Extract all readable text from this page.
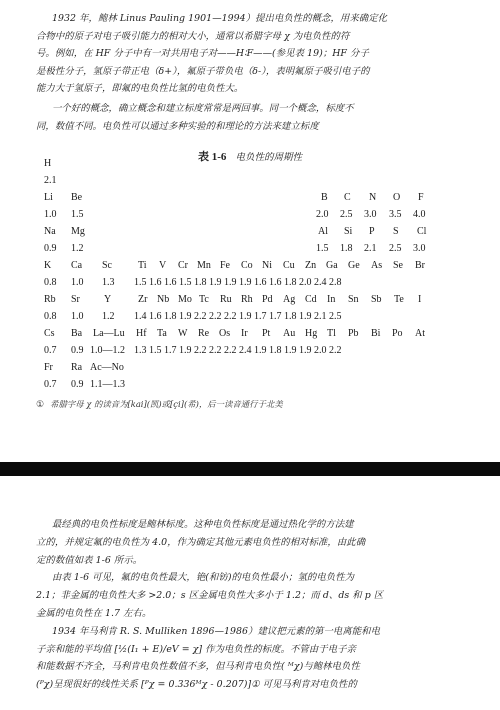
1932 年，鲍林 Linus Pauling 1901—1994）提出电负性的概念，用来确定化
合物中的原子对电子吸引能力的相对大小，通常以希腊字母 χ 为电负性的符
号。例如，在 HF 分子中有一对共用电子对——H∶F——(参见表 19)；HF 分子
是极性分子，氢原子带正电（δ+），氟原子带负电（δ-），表明氟原子吸引电子的
能力大于氢原子，即氟的电负性比氢的电负性大。
一个好的概念，确立概念和建立标度常常是两回事。同一个概念，标度不
同，数值不同。电负性可以通过多种实验的和理论的方法来建立标度
表 1-6 电负性的周期性
H
2.1
Li Be	B C N O F
1.0 1.5	2.0 2.5 3.0 3.5 4.0
Na Mg	Al Si P S Cl
0.9 1.2	1.5 1.8 2.1 2.5 3.0
K Ca Sc	Ti V Cr Mn Fe Co Ni Cu Zn Ga Ge As Se Br
0.8 1.0 1.3 1.5 1.6 1.6 1.5 1.8 1.9 1.9 1.9 1.6 1.6 1.8 2.0 2.4 2.8
Rb Sr Y	Zr Nb Mo Tc Ru Rh Pd Ag Cd In Sn Sb Te I
0.8 1.0 1.2 1.4 1.6 1.8 1.9 2.2 2.2 2.2 1.9 1.7 1.7 1.8 1.9 2.1 2.5
Cs Ba La—Lu Hf Ta W Re Os Ir Pt Au Hg Tl Pb Bi Po At
0.7 0.9 1.0—1.2 1.3 1.5 1.7 1.9 2.2 2.2 2.2 2.4 1.9 1.8 1.9 1.9 2.0 2.2
Fr Ra Ac—No
0.7 0.9 1.1—1.3
① 希腊字母 χ 的读音为[kai](凯)或[çi](希)，后一读音通行于北美
最经典的电负性标度是鲍林标度。这种电负性标度是通过热化学的方法建
立的，并规定氟的电负性为 4.0，作为确定其他元素电负性的相对标准，由此确
定的数值如表 1-6 所示。
由表 1-6 可见，氟的电负性最大，铯(和钫)的电负性最小；氢的电负性为
2.1；非金属的电负性大多 >2.0；s 区金属电负性大多小于 1.2；而 d、ds 和 p 区
金属的电负性在 1.7 左右。
1934 年马利肯 R. S. Mulliken 1896—1986）建议把元素的第一电离能和电
子亲和能的平均值 [½(I₁ + E)/eV = χ] 作为电负性的标度。不管由于电子亲
和能数据不齐全，马利肯电负性数值不多，但马利肯电负性( ᴹχ)与鲍林电负性
(ᴾχ)呈现很好的线性关系 [ᴾχ = 0.336ᴹχ - 0.207)]① 可见马利肯对电负性的
